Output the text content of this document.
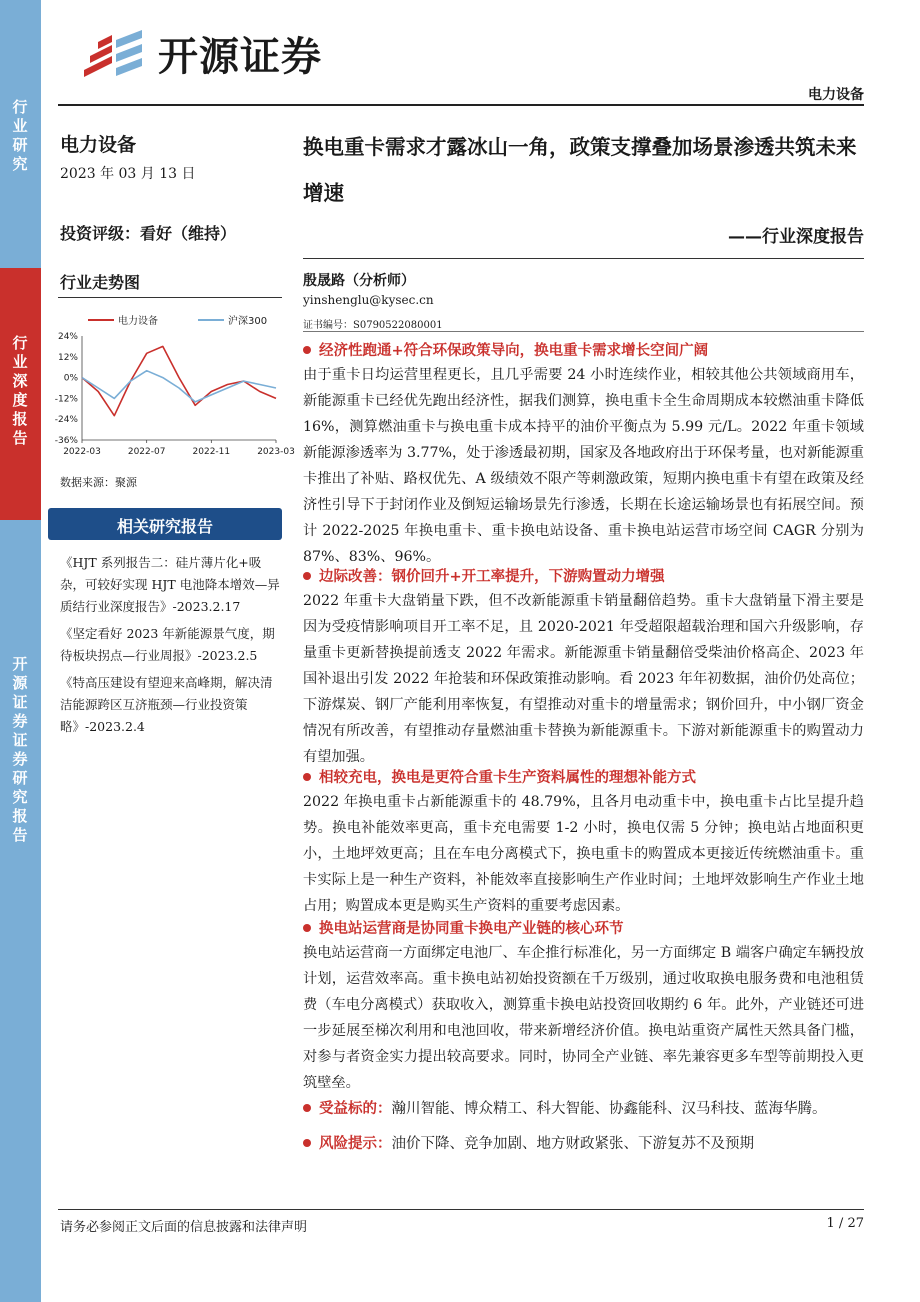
行业研究
行业深度报告
开源证券 证券研究报告
开源证券
电力设备
电力设备
2023 年 03 月 13 日
投资评级：看好（维持）
行业走势图
电力设备	沪深300
24%
12%
0%
-12%
-24%
-36%
2022-03	2022-07	2022-11	2023-03
数据来源：聚源
相关研究报告
《HJT 系列报告二：硅片薄片化+吸杂，可较好实现 HJT 电池降本增效—异质结行业深度报告》-2023.2.17
《坚定看好 2023 年新能源景气度，期待板块拐点—行业周报》-2023.2.5
《特高压建设有望迎来高峰期，解决清洁能源跨区互济瓶颈—行业投资策略》-2023.2.4
换电重卡需求才露冰山一角，政策支撑叠加场景渗透共筑未来增速
——行业深度报告
殷晟路（分析师）
yinshenglu@kysec.cn
证书编号：S0790522080001
经济性跑通+符合环保政策导向，换电重卡需求增长空间广阔
由于重卡日均运营里程更长，且几乎需要 24 小时连续作业，相较其他公共领域商用车，新能源重卡已经优先跑出经济性，据我们测算，换电重卡全生命周期成本较燃油重卡降低 16%，测算燃油重卡与换电重卡成本持平的油价平衡点为 5.99 元/L。2022 年重卡领域新能源渗透率为 3.77%，处于渗透最初期，国家及各地政府出于环保考量，也对新能源重卡推出了补贴、路权优先、A 级绩效不限产等刺激政策，短期内换电重卡有望在政策及经济性引导下于封闭作业及倒短运输场景先行渗透，长期在长途运输场景也有拓展空间。预计 2022-2025 年换电重卡、重卡换电站设备、重卡换电站运营市场空间 CAGR 分别为 87%、83%、96%。
边际改善：钢价回升+开工率提升，下游购置动力增强
2022 年重卡大盘销量下跌，但不改新能源重卡销量翻倍趋势。重卡大盘销量下滑主要是因为受疫情影响项目开工率不足，且 2020-2021 年受超限超载治理和国六升级影响，存量重卡更新替换提前透支 2022 年需求。新能源重卡销量翻倍受柴油价格高企、2023 年国补退出引发 2022 年抢装和环保政策推动影响。看 2023 年年初数据，油价仍处高位；下游煤炭、钢厂产能利用率恢复，有望推动对重卡的增量需求；钢价回升，中小钢厂资金情况有所改善，有望推动存量燃油重卡替换为新能源重卡。下游对新能源重卡的购置动力有望加强。
相较充电，换电是更符合重卡生产资料属性的理想补能方式
2022 年换电重卡占新能源重卡的 48.79%，且各月电动重卡中，换电重卡占比呈提升趋势。换电补能效率更高，重卡充电需要 1-2 小时，换电仅需 5 分钟；换电站占地面积更小，土地坪效更高；且在车电分离模式下，换电重卡的购置成本更接近传统燃油重卡。重卡实际上是一种生产资料，补能效率直接影响生产作业时间；土地坪效影响生产作业土地占用；购置成本更是购买生产资料的重要考虑因素。
换电站运营商是协同重卡换电产业链的核心环节
换电站运营商一方面绑定电池厂、车企推行标准化，另一方面绑定 B 端客户确定车辆投放计划，运营效率高。重卡换电站初始投资额在千万级别，通过收取换电服务费和电池租赁费（车电分离模式）获取收入，测算重卡换电站投资回收期约 6 年。此外，产业链还可进一步延展至梯次利用和电池回收，带来新增经济价值。换电站重资产属性天然具备门槛，对参与者资金实力提出较高要求。同时，协同全产业链、率先兼容更多车型等前期投入更筑壁垒。
受益标的：瀚川智能、博众精工、科大智能、协鑫能科、汉马科技、蓝海华腾。
风险提示：油价下降、竞争加剧、地方财政紧张、下游复苏不及预期
请务必参阅正文后面的信息披露和法律声明	1 / 27
